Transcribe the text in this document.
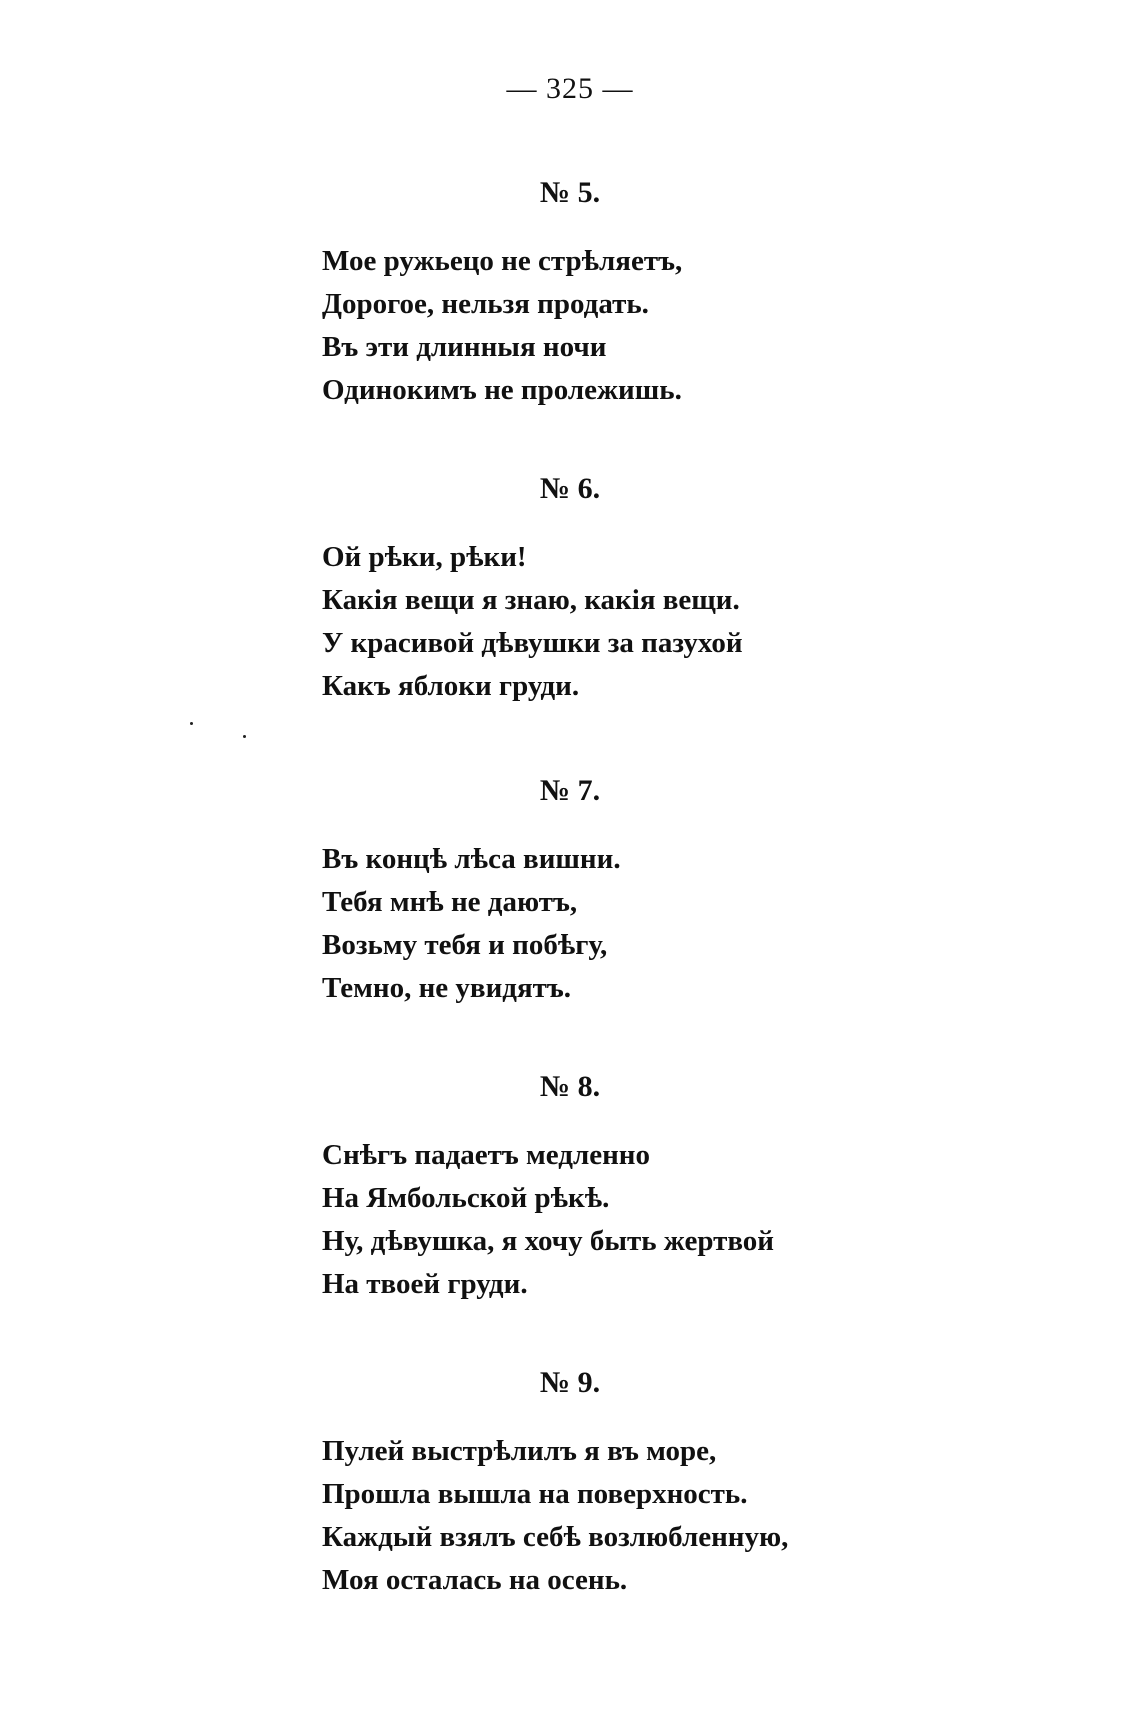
— 325 —
№ 5.
Мое ружьецо не стрѣляетъ,
Дорогое, нельзя продать.
Въ эти длинныя ночи
Одинокимъ не пролежишь.
№ 6.
Ой рѣки, рѣки!
Какія вещи я знаю, какія вещи.
У красивой дѣвушки за пазухой
Какъ яблоки груди.
№ 7.
Въ концѣ лѣса вишни.
Тебя мнѣ не даютъ,
Возьму тебя и побѣгу,
Темно, не увидятъ.
№ 8.
Снѣгъ падаетъ медленно
На Ямбольской рѣкѣ.
Ну, дѣвушка, я хочу быть жертвой
На твоей груди.
№ 9.
Пулей выстрѣлилъ я въ море,
Прошла вышла на поверхность.
Каждый взялъ себѣ возлюбленную,
Моя осталась на осень.
